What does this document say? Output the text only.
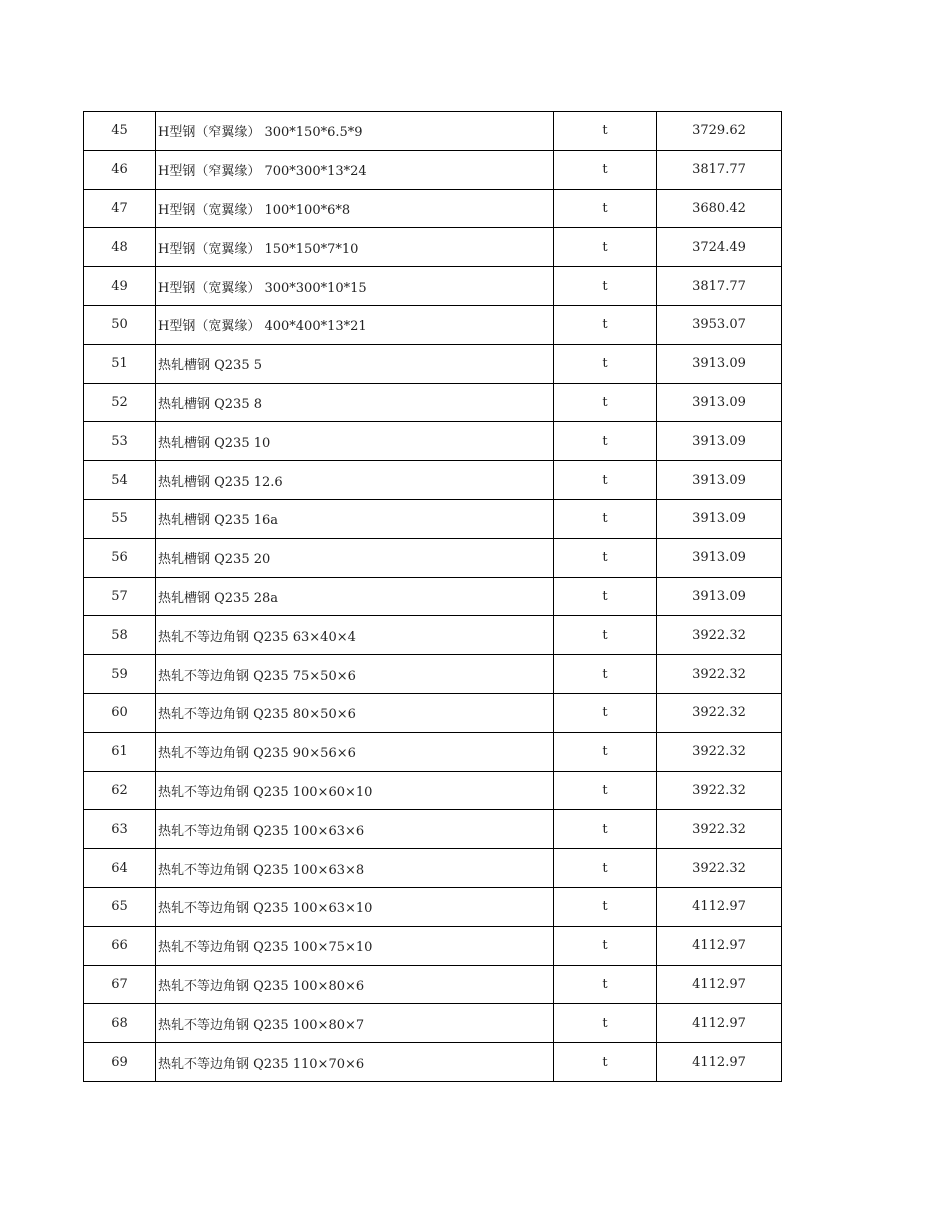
45	H型钢（窄翼缘） 300*150*6.5*9	t	3729.62
46	H型钢（窄翼缘） 700*300*13*24	t	3817.77
47	H型钢（宽翼缘） 100*100*6*8	t	3680.42
48	H型钢（宽翼缘） 150*150*7*10	t	3724.49
49	H型钢（宽翼缘） 300*300*10*15	t	3817.77
50	H型钢（宽翼缘） 400*400*13*21	t	3953.07
51	热轧槽钢 Q235 5	t	3913.09
52	热轧槽钢 Q235 8	t	3913.09
53	热轧槽钢 Q235 10	t	3913.09
54	热轧槽钢 Q235 12.6	t	3913.09
55	热轧槽钢 Q235 16a	t	3913.09
56	热轧槽钢 Q235 20	t	3913.09
57	热轧槽钢 Q235 28a	t	3913.09
58	热轧不等边角钢 Q235 63×40×4	t	3922.32
59	热轧不等边角钢 Q235 75×50×6	t	3922.32
60	热轧不等边角钢 Q235 80×50×6	t	3922.32
61	热轧不等边角钢 Q235 90×56×6	t	3922.32
62	热轧不等边角钢 Q235 100×60×10	t	3922.32
63	热轧不等边角钢 Q235 100×63×6	t	3922.32
64	热轧不等边角钢 Q235 100×63×8	t	3922.32
65	热轧不等边角钢 Q235 100×63×10	t	4112.97
66	热轧不等边角钢 Q235 100×75×10	t	4112.97
67	热轧不等边角钢 Q235 100×80×6	t	4112.97
68	热轧不等边角钢 Q235 100×80×7	t	4112.97
69	热轧不等边角钢 Q235 110×70×6	t	4112.97
